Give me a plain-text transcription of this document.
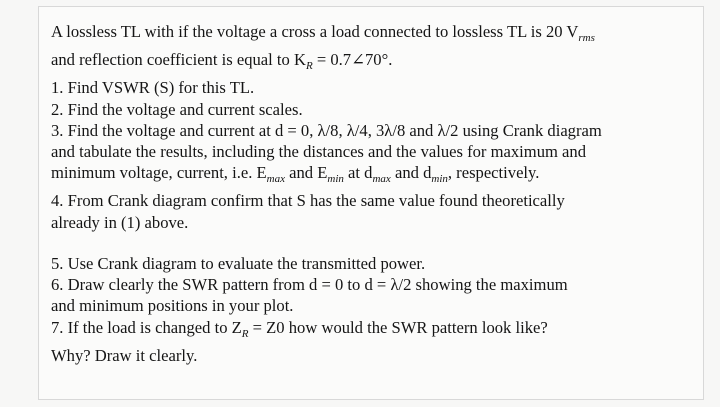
A lossless TL with if the voltage a cross a load connected to lossless TL is 20 $V_{rms}$
and reflection coefficient is equal to $K_R$ = 0.7∠70°.
1. Find VSWR (S) for this TL.
2. Find the voltage and current scales.
3. Find the voltage and current at d = 0, λ/8, λ/4, 3λ/8 and λ/2 using Crank diagram
and tabulate the results, including the distances and the values for maximum and
minimum voltage, current, i.e. $E_{max}$ and $E_{min}$ at $d_{max}$ and $d_{min}$, respectively.
4. From Crank diagram confirm that S has the same value found theoretically
already in (1) above.
5. Use Crank diagram to evaluate the transmitted power.
6. Draw clearly the SWR pattern from d = 0 to d = λ/2 showing the maximum
and minimum positions in your plot.
7. If the load is changed to $Z_R = Z0$ how would the SWR pattern look like?
Why? Draw it clearly.
